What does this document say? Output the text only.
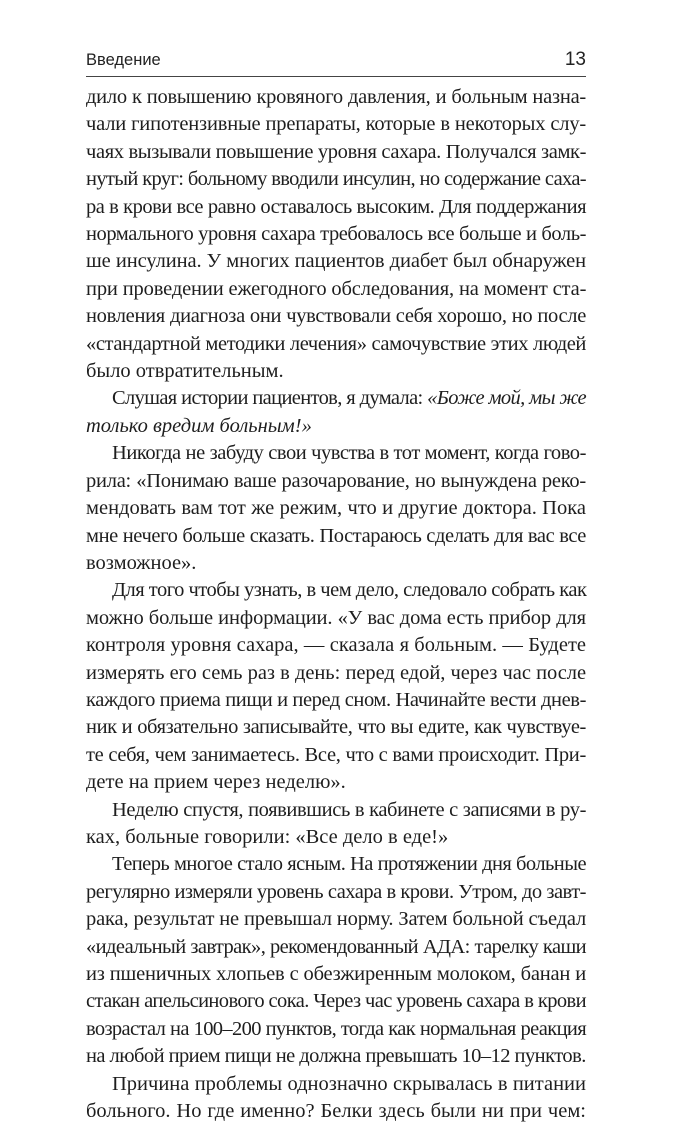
Введение	13
дило к повышению кровяного давления, и больным назна-
чали гипотензивные препараты, которые в некоторых слу-
чаях вызывали повышение уровня сахара. Получался замк-
нутый круг: больному вводили инсулин, но содержание саха-
ра в крови все равно оставалось высоким. Для поддержания
нормального уровня сахара требовалось все больше и боль-
ше инсулина. У многих пациентов диабет был обнаружен
при проведении ежегодного обследования, на момент ста-
новления диагноза они чувствовали себя хорошо, но после
«стандартной методики лечения» самочувствие этих людей
было отвратительным.
Слушая истории пациентов, я думала: «Боже мой, мы же
только вредим больным!»
Никогда не забуду свои чувства в тот момент, когда гово-
рила: «Понимаю ваше разочарование, но вынуждена реко-
мендовать вам тот же режим, что и другие доктора. Пока
мне нечего больше сказать. Постараюсь сделать для вас все
возможное».
Для того чтобы узнать, в чем дело, следовало собрать как
можно больше информации. «У вас дома есть прибор для
контроля уровня сахара, — сказала я больным. — Будете
измерять его семь раз в день: перед едой, через час после
каждого приема пищи и перед сном. Начинайте вести днев-
ник и обязательно записывайте, что вы едите, как чувствуе-
те себя, чем занимаетесь. Все, что с вами происходит. При-
дете на прием через неделю».
Неделю спустя, появившись в кабинете с записями в ру-
ках, больные говорили: «Все дело в еде!»
Теперь многое стало ясным. На протяжении дня больные
регулярно измеряли уровень сахара в крови. Утром, до завт-
рака, результат не превышал норму. Затем больной съедал
«идеальный завтрак», рекомендованный АДА: тарелку каши
из пшеничных хлопьев с обезжиренным молоком, банан и
стакан апельсинового сока. Через час уровень сахара в крови
возрастал на 100–200 пунктов, тогда как нормальная реакция
на любой прием пищи не должна превышать 10–12 пунктов.
Причина проблемы однозначно скрывалась в питании
больного. Но где именно? Белки здесь были ни при чем:
